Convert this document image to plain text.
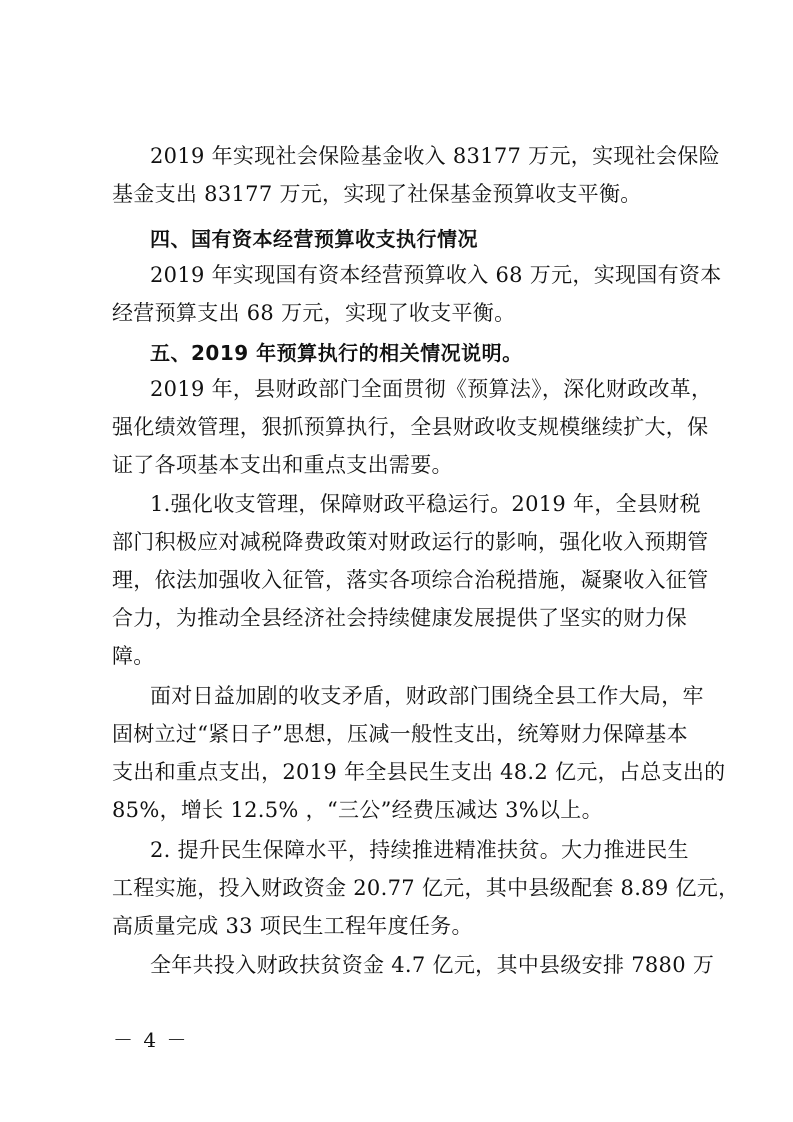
2019 年实现社会保险基金收入 83177 万元，实现社会保险
基金支出 83177 万元，实现了社保基金预算收支平衡。
四、国有资本经营预算收支执行情况
2019 年实现国有资本经营预算收入 68 万元，实现国有资本
经营预算支出 68 万元，实现了收支平衡。
五、2019 年预算执行的相关情况说明。
2019 年，县财政部门全面贯彻《预算法》，深化财政改革，
强化绩效管理，狠抓预算执行，全县财政收支规模继续扩大，保
证了各项基本支出和重点支出需要。
1.强化收支管理，保障财政平稳运行。2019 年，全县财税
部门积极应对减税降费政策对财政运行的影响，强化收入预期管
理，依法加强收入征管，落实各项综合治税措施，凝聚收入征管
合力，为推动全县经济社会持续健康发展提供了坚实的财力保
障。
面对日益加剧的收支矛盾，财政部门围绕全县工作大局，牢
固树立过“紧日子”思想，压减一般性支出，统筹财力保障基本
支出和重点支出，2019 年全县民生支出 48.2 亿元，占总支出的
85%，增长 12.5% ，“三公”经费压减达 3%以上。
2. 提升民生保障水平，持续推进精准扶贫。大力推进民生
工程实施，投入财政资金 20.77 亿元，其中县级配套 8.89 亿元，
高质量完成 33 项民生工程年度任务。
全年共投入财政扶贫资金 4.7 亿元，其中县级安排 7880 万
－ 4 －
